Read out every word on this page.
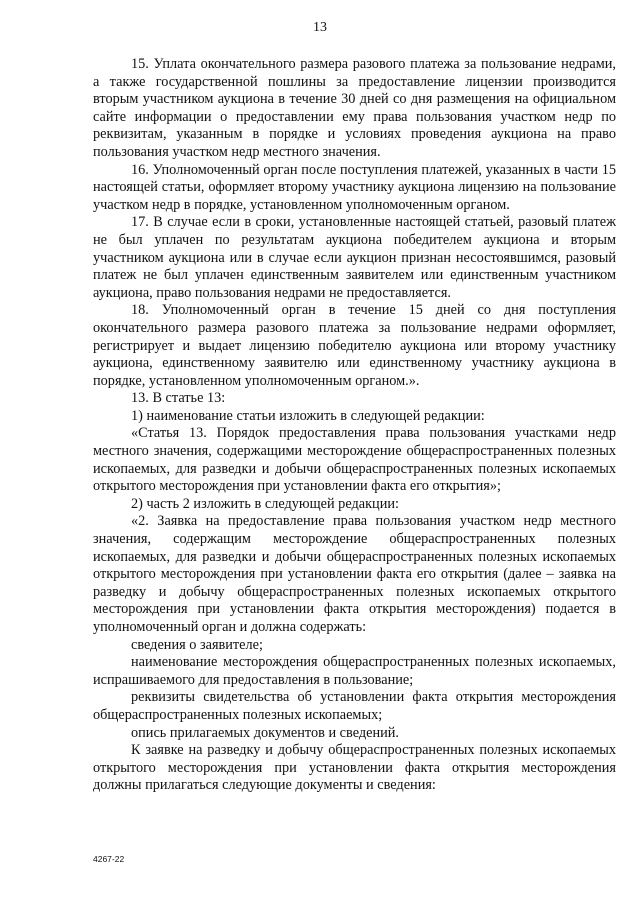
13

15. Уплата окончательного размера разового платежа за пользование недрами, а также государственной пошлины за предоставление лицензии производится вторым участником аукциона в течение 30 дней со дня размещения на официальном сайте информации о предоставлении ему права пользования участком недр по реквизитам, указанным в порядке и условиях проведения аукциона на право пользования участком недр местного значения.

16. Уполномоченный орган после поступления платежей, указанных в части 15 настоящей статьи, оформляет второму участнику аукциона лицензию на пользование участком недр в порядке, установленном уполномоченным органом.

17. В случае если в сроки, установленные настоящей статьей, разовый платеж не был уплачен по результатам аукциона победителем аукциона и вторым участником аукциона или в случае если аукцион признан несостоявшимся, разовый платеж не был уплачен единственным заявителем или единственным участником аукциона, право пользования недрами не предоставляется.

18. Уполномоченный орган в течение 15 дней со дня поступления окончательного размера разового платежа за пользование недрами оформляет, регистрирует и выдает лицензию победителю аукциона или второму участнику аукциона, единственному заявителю или единственному участнику аукциона в порядке, установленном уполномоченным органом.».

13. В статье 13:

1) наименование статьи изложить в следующей редакции:

«Статья 13. Порядок предоставления права пользования участками недр местного значения, содержащими месторождение общераспространенных полезных ископаемых, для разведки и добычи общераспространенных полезных ископаемых открытого месторождения при установлении факта его открытия»;

2) часть 2 изложить в следующей редакции:

«2. Заявка на предоставление права пользования участком недр местного значения, содержащим месторождение общераспространенных полезных ископаемых, для разведки и добычи общераспространенных полезных ископаемых открытого месторождения при установлении факта его открытия (далее – заявка на разведку и добычу общераспространенных полезных ископаемых открытого месторождения при установлении факта открытия месторождения) подается в уполномоченный орган и должна содержать:

сведения о заявителе;

наименование месторождения общераспространенных полезных ископаемых, испрашиваемого для предоставления в пользование;

реквизиты свидетельства об установлении факта открытия месторождения общераспространенных полезных ископаемых;

опись прилагаемых документов и сведений.

К заявке на разведку и добычу общераспространенных полезных ископаемых открытого месторождения при установлении факта открытия месторождения должны прилагаться следующие документы и сведения:

4267-22
